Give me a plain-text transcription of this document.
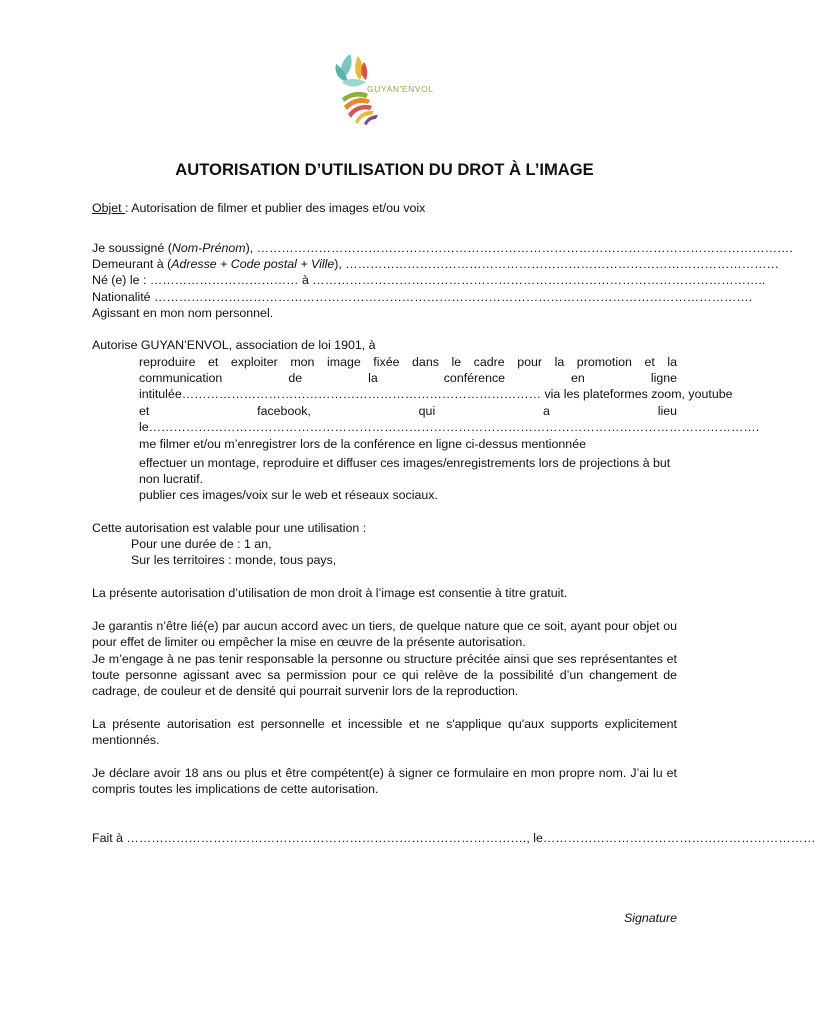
GUYAN'ENVOL
AUTORISATION D’UTILISATION DU DROT À L’IMAGE
Objet : Autorisation de filmer et publier des images et/ou voix
Je soussigné (Nom-Prénom), ………………………………………………………………………………………………………………….
Demeurant à (Adresse + Code postal + Ville), ……………………………………………………………………………………………
Né (e) le : ……………………………… à ………………………………………………………………………………………………..
Nationalité ……………………………………………………………………………………………………………………………….
Agissant en mon nom personnel.
Autorise GUYAN’ENVOL, association de loi 1901, à
reproduire et exploiter mon image fixée dans le cadre pour la promotion et la
communication de la conférence en ligne
intitulée…………………………………………………………………………… via les plateformes zoom, youtube
et facebook, qui a lieu
le………………………………………………………………………………………………………………………………….
me filmer et/ou m’enregistrer lors de la conférence en ligne ci-dessus mentionnée
effectuer un montage, reproduire et diffuser ces images/enregistrements lors de projections à but non lucratif.
publier ces images/voix sur le web et réseaux sociaux.
Cette autorisation est valable pour une utilisation :
Pour une durée de : 1 an,
Sur les territoires : monde, tous pays,
La présente autorisation d’utilisation de mon droit à l’image est consentie à titre gratuit.
Je garantis n’être lié(e) par aucun accord avec un tiers, de quelque nature que ce soit, ayant pour objet ou pour effet de limiter ou empêcher la mise en œuvre de la présente autorisation.
Je m’engage à ne pas tenir responsable la personne ou structure précitée ainsi que ses représentantes et toute personne agissant avec sa permission pour ce qui relève de la possibilité d’un changement de cadrage, de couleur et de densité qui pourrait survenir lors de la reproduction.
La présente autorisation est personnelle et incessible et ne s'applique qu'aux supports explicitement mentionnés.
Je déclare avoir 18 ans ou plus et être compétent(e) à signer ce formulaire en mon propre nom. J’ai lu et compris toutes les implications de cette autorisation.
Fait à ……………………………………………………………………………………., le…………………………………………………………
Signature
